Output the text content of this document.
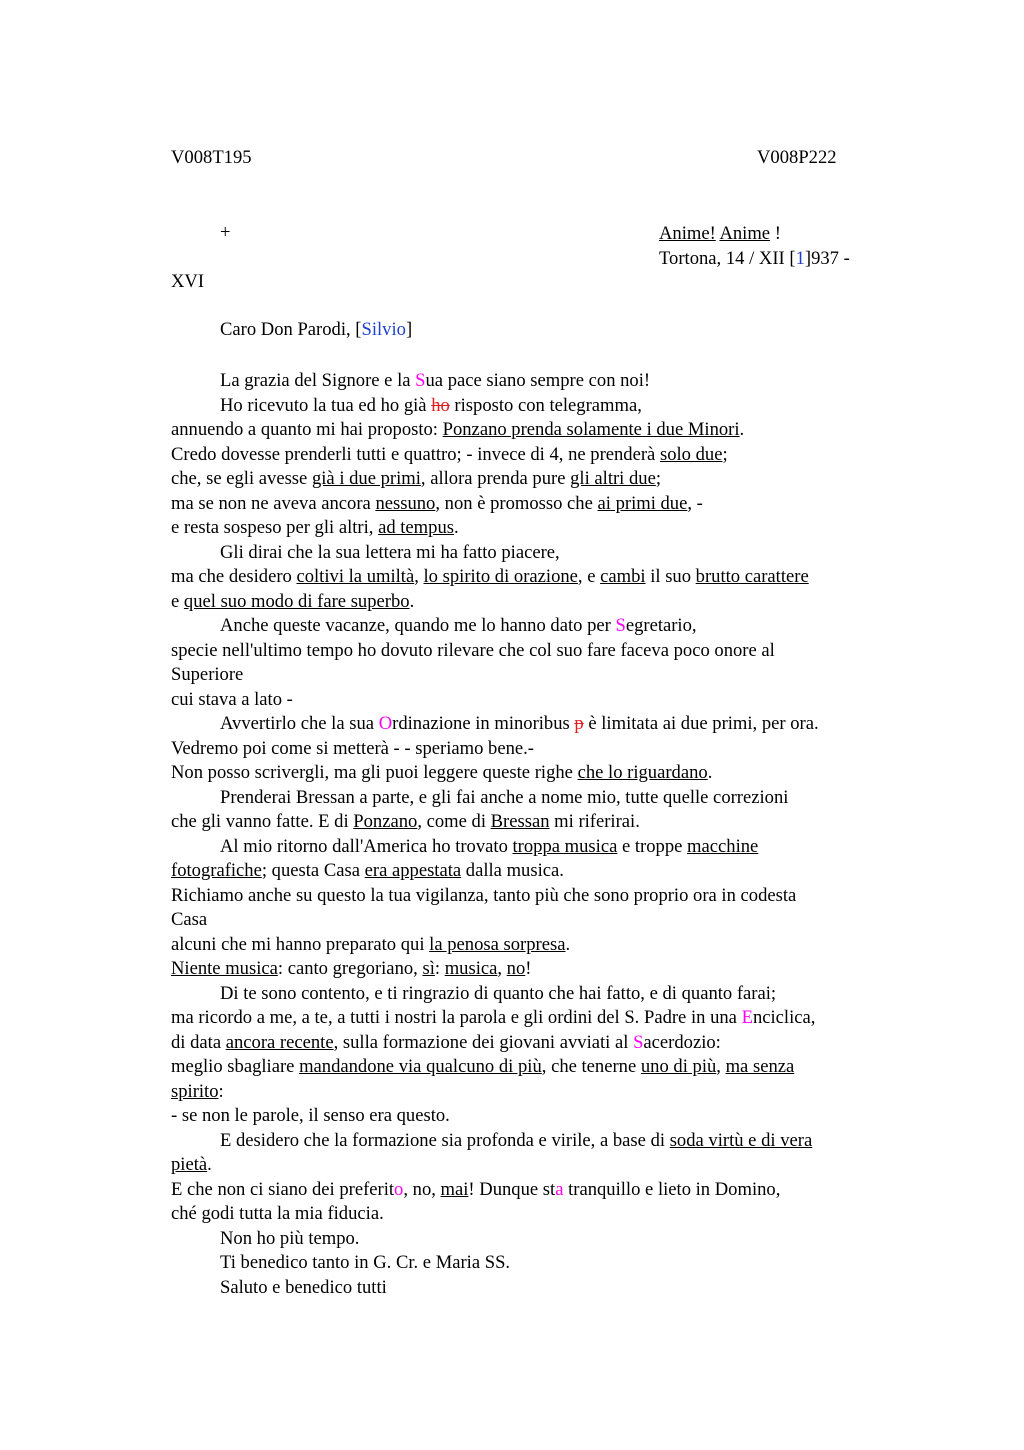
V008T195	V008P222
+	Anime! Anime !
Tortona, 14 / XII [1]937 -
XVI
Caro Don Parodi, [Silvio]
La grazia del Signore e la Sua pace siano sempre con noi!
Ho ricevuto la tua ed ho già ho risposto con telegramma,
annuendo a quanto mi hai proposto: Ponzano prenda solamente i due Minori.
Credo dovesse prenderli tutti e quattro; - invece di 4, ne prenderà solo due;
che, se egli avesse già i due primi, allora prenda pure gli altri due;
ma se non ne aveva ancora nessuno, non è promosso che ai primi due, -
e resta sospeso per gli altri, ad tempus.
Gli dirai che la sua lettera mi ha fatto piacere,
ma che desidero coltivi la umiltà, lo spirito di orazione, e cambi il suo brutto carattere
e quel suo modo di fare superbo.
Anche queste vacanze, quando me lo hanno dato per Segretario,
specie nell'ultimo tempo ho dovuto rilevare che col suo fare faceva poco onore al
Superiore
cui stava a lato -
Avvertirlo che la sua Ordinazione in minoribus p è limitata ai due primi, per ora.
Vedremo poi come si metterà - - speriamo bene.-
Non posso scrivergli, ma gli puoi leggere queste righe che lo riguardano.
Prenderai Bressan a parte, e gli fai anche a nome mio, tutte quelle correzioni
che gli vanno fatte. E di Ponzano, come di Bressan mi riferirai.
Al mio ritorno dall'America ho trovato troppa musica e troppe macchine
fotografiche; questa Casa era appestata dalla musica.
Richiamo anche su questo la tua vigilanza, tanto più che sono proprio ora in codesta
Casa
alcuni che mi hanno preparato qui la penosa sorpresa.
Niente musica: canto gregoriano, sì: musica, no!
Di te sono contento, e ti ringrazio di quanto che hai fatto, e di quanto farai;
ma ricordo a me, a te, a tutti i nostri la parola e gli ordini del S. Padre in una Enciclica,
di data ancora recente, sulla formazione dei giovani avviati al Sacerdozio:
meglio sbagliare mandandone via qualcuno di più, che tenerne uno di più, ma senza
spirito:
- se non le parole, il senso era questo.
E desidero che la formazione sia profonda e virile, a base di soda virtù e di vera
pietà.
E che non ci siano dei preferito, no, mai! Dunque sta tranquillo e lieto in Domino,
ché godi tutta la mia fiducia.
Non ho più tempo.
Ti benedico tanto in G. Cr. e Maria SS.
Saluto e benedico tutti
